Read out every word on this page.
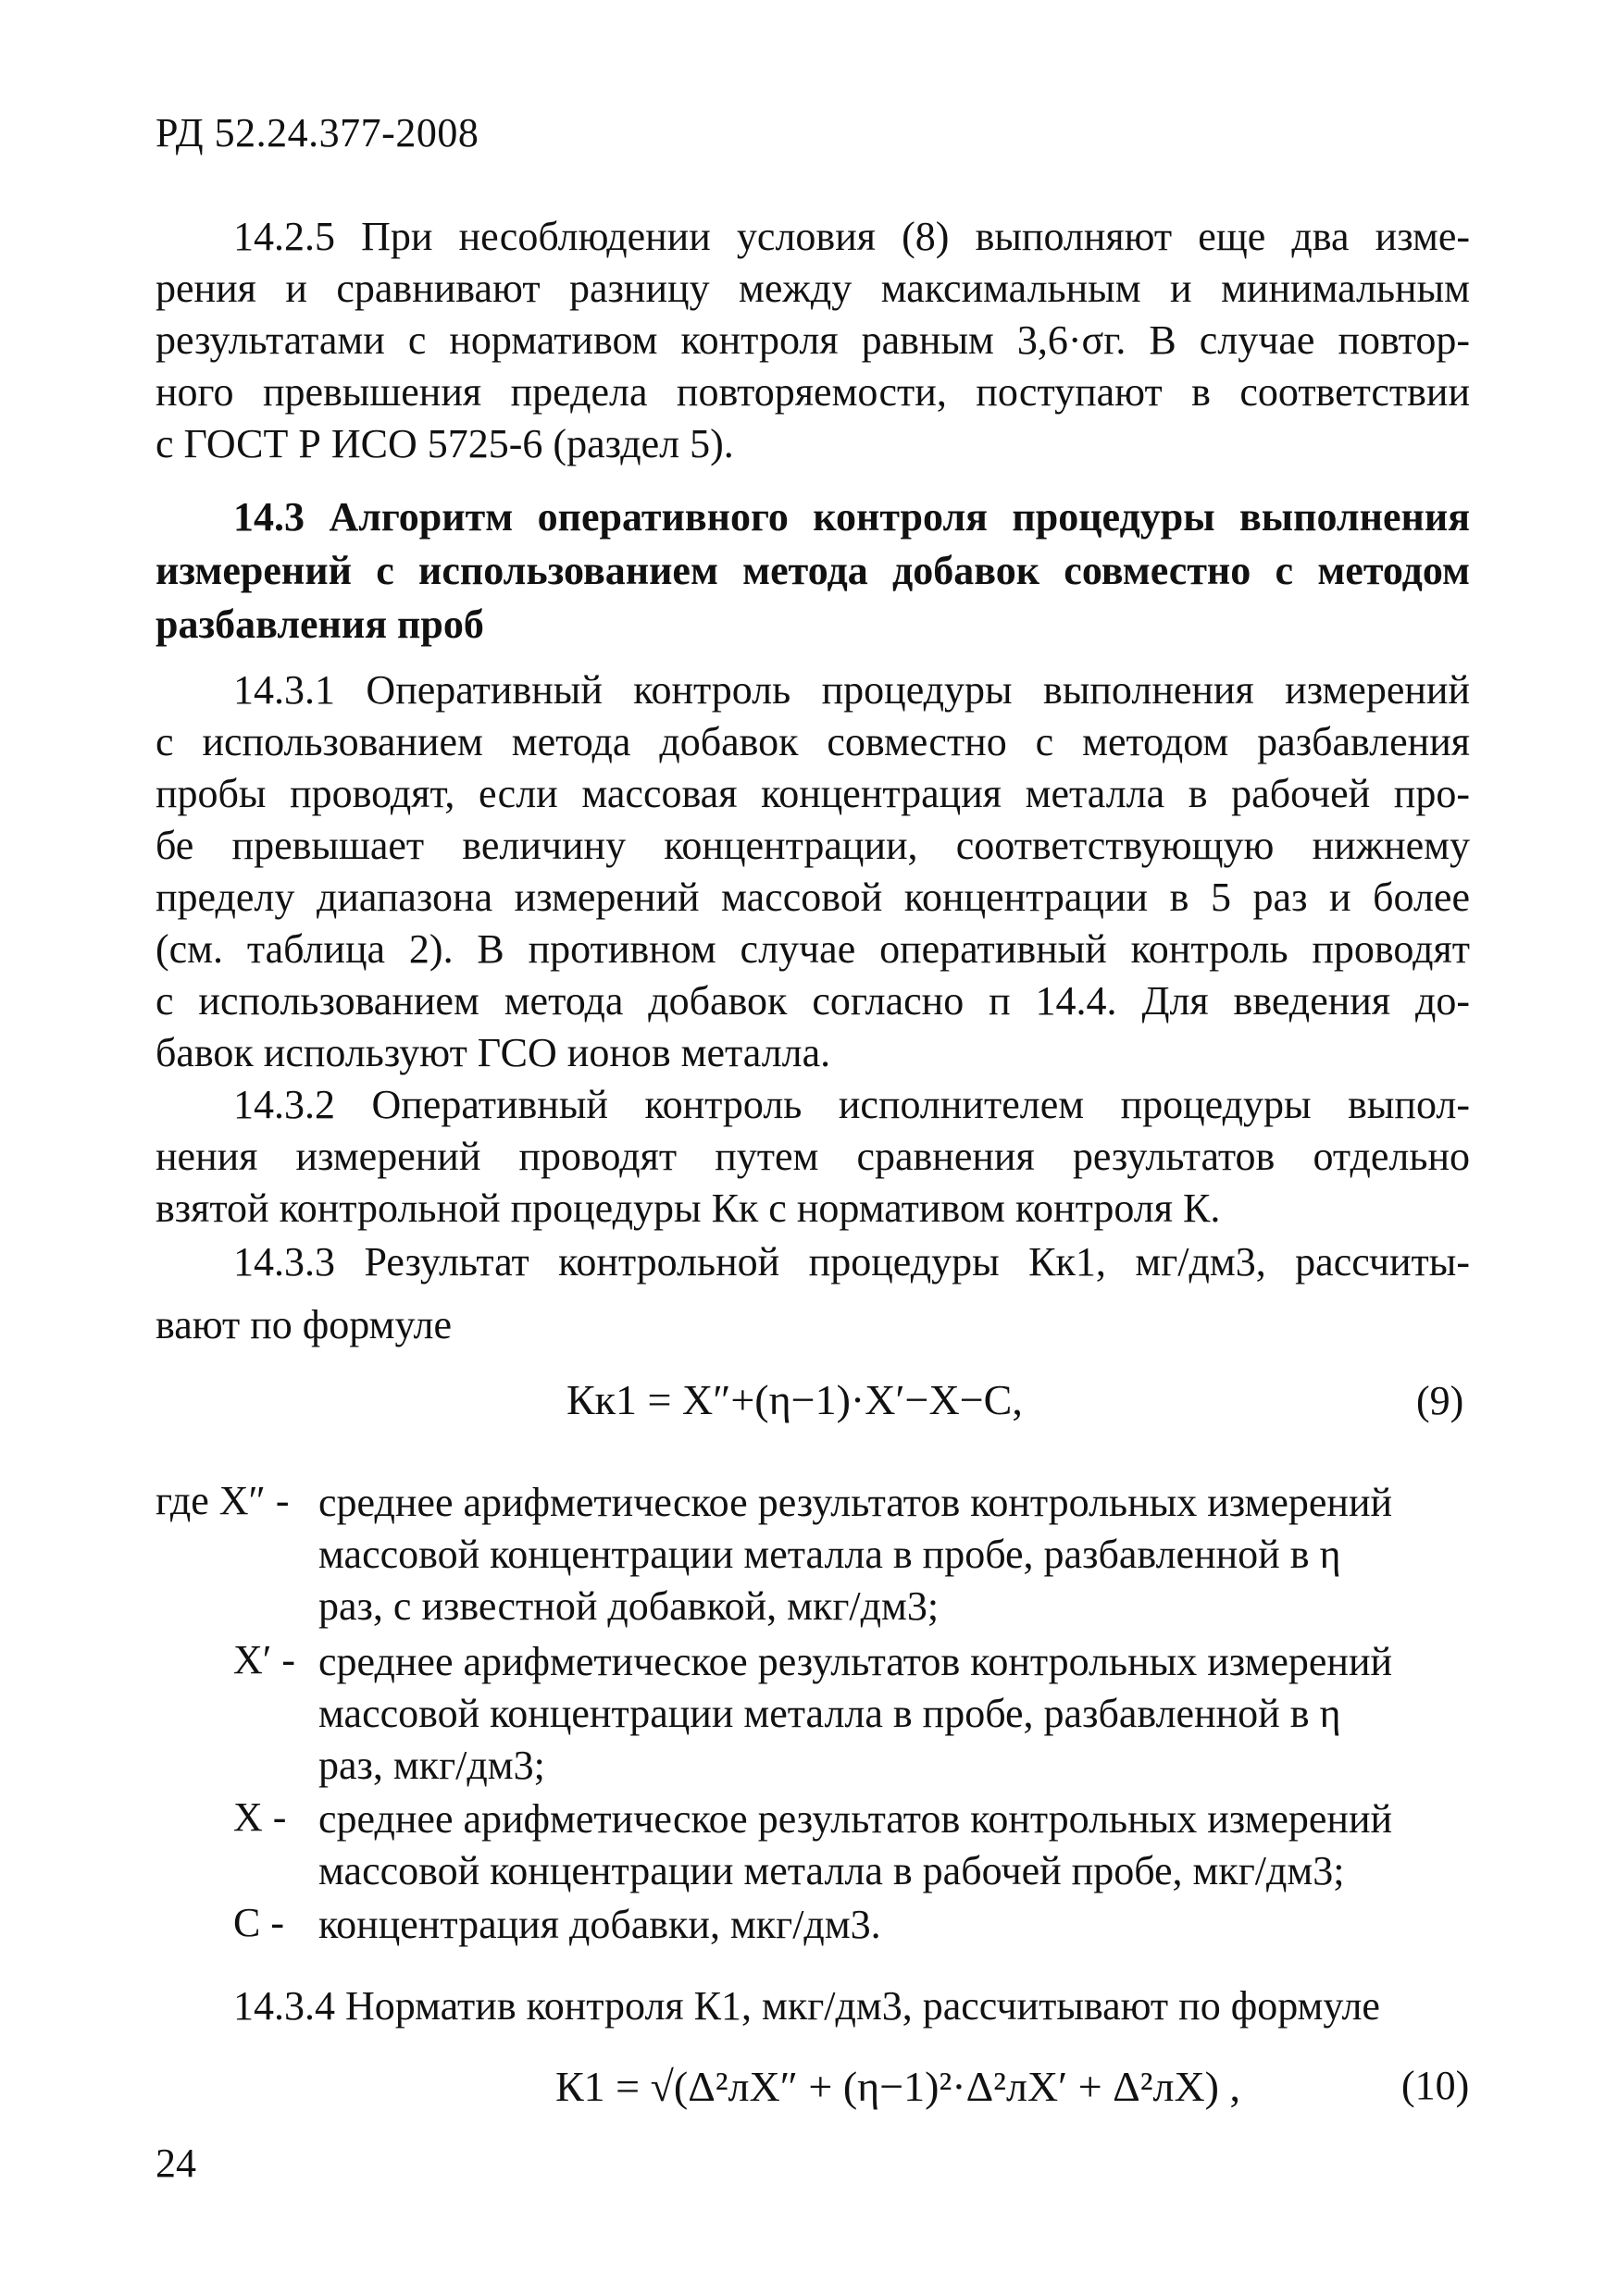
РД 52.24.377-2008
14.2.5 При несоблюдении условия (8) выполняют еще два изме-
рения и сравнивают разницу между максимальным и минимальным
результатами с нормативом контроля равным 3,6·σг. В случае повтор-
ного превышения предела повторяемости, поступают в соответствии
с ГОСТ Р ИСО 5725-6 (раздел 5).
14.3 Алгоритм оперативного контроля процедуры выполнения
измерений с использованием метода добавок совместно с методом
разбавления проб
14.3.1 Оперативный контроль процедуры выполнения измерений
с использованием метода добавок совместно с методом разбавления
пробы проводят, если массовая концентрация металла в рабочей про-
бе превышает величину концентрации, соответствующую нижнему
пределу диапазона измерений массовой концентрации в 5 раз и более
(см. таблица 2). В противном случае оперативный контроль проводят
с использованием метода добавок согласно п 14.4. Для введения до-
бавок используют ГСО ионов металла.
14.3.2 Оперативный контроль исполнителем процедуры выпол-
нения измерений проводят путем сравнения результатов отдельно
взятой контрольной процедуры Кк с нормативом контроля К.
14.3.3 Результат контрольной процедуры Кк1, мг/дм3, рассчиты-
вают по формуле
Кк1 = X″+(η−1)·X′−X−C,	(9)
где X″ - среднее арифметическое результатов контрольных измерений
массовой концентрации металла в пробе, разбавленной в η
раз, с известной добавкой, мкг/дм3;
X′ - среднее арифметическое результатов контрольных измерений
массовой концентрации металла в пробе, разбавленной в η
раз, мкг/дм3;
X - среднее арифметическое результатов контрольных измерений
массовой концентрации металла в рабочей пробе, мкг/дм3;
С - концентрация добавки, мкг/дм3.
14.3.4 Норматив контроля К1, мкг/дм3, рассчитывают по формуле
К1 = √(Δ²лX″ + (η−1)²·Δ²лX′ + Δ²лX) ,	(10)
24
